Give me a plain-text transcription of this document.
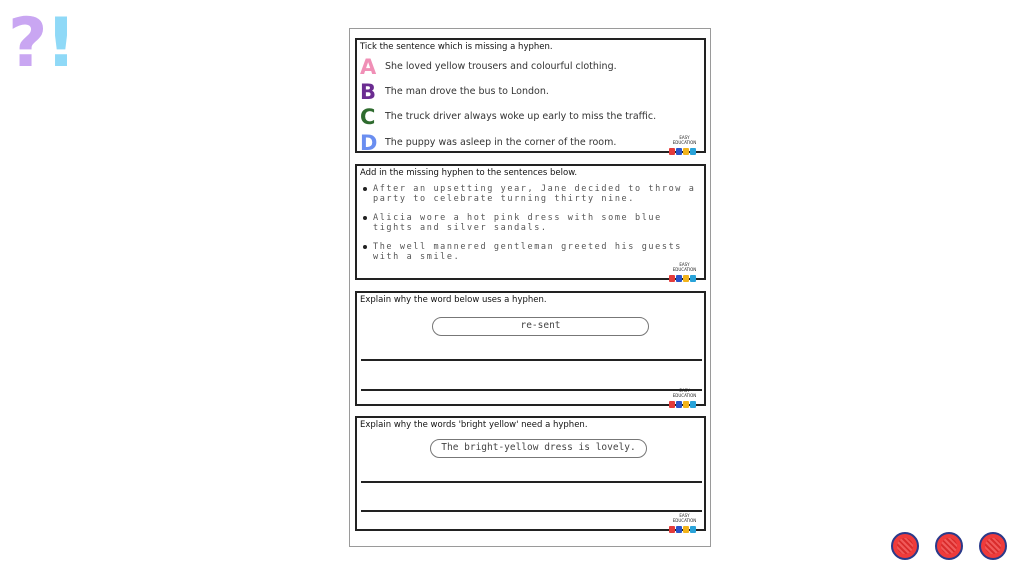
?!	Tick the sentence which is missing a hyphen.
A She loved yellow trousers and colourful clothing.
B The man drove the bus to London.
C The truck driver always woke up early to miss the traffic.
D The puppy was asleep in the corner of the room.	EASY EDUCATION
Add in the missing hyphen to the sentences below.
After an upsetting year, Jane decided to throw a party to celebrate turning thirty nine.
Alicia wore a hot pink dress with some blue tights and silver sandals.
The well mannered gentleman greeted his guests with a smile.
EASY EDUCATION
Explain why the word below uses a hyphen.
re-sent
EASY EDUCATION
Explain why the words 'bright yellow' need a hyphen.
The bright-yellow dress is lovely.
EASY EDUCATION
